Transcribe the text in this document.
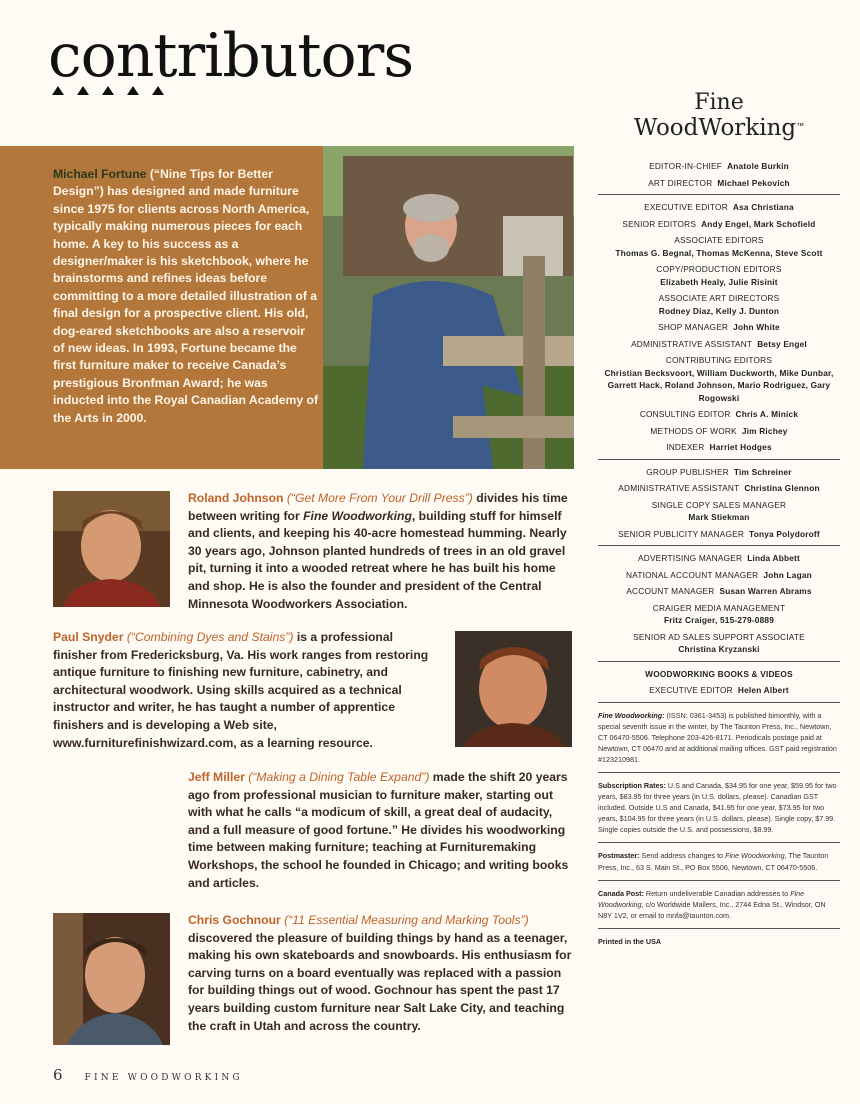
contributors
Michael Fortune (“Nine Tips for Better Design”) has designed and made furniture since 1975 for clients across North America, typically making numerous pieces for each home. A key to his success as a designer/maker is his sketchbook, where he brainstorms and refines ideas before committing to a more detailed illustration of a final design for a prospective client. His old, dog-eared sketchbooks are also a reservoir of new ideas. In 1993, Fortune became the first furniture maker to receive Canada’s prestigious Bronfman Award; he was inducted into the Royal Canadian Academy of the Arts in 2000.
Roland Johnson (“Get More From Your Drill Press”) divides his time between writing for Fine Woodworking, building stuff for himself and clients, and keeping his 40-acre homestead humming. Nearly 30 years ago, Johnson planted hundreds of trees in an old gravel pit, turning it into a wooded retreat where he has built his home and shop. He is also the founder and president of the Central Minnesota Woodworkers Association.
Paul Snyder (“Combining Dyes and Stains”) is a professional finisher from Fredericksburg, Va. His work ranges from restoring antique furniture to finishing new furniture, cabinetry, and architectural woodwork. Using skills acquired as a technical instructor and writer, he has taught a number of apprentice finishers and is developing a Web site, www.furniturefinishwizard.com, as a learning resource.
Jeff Miller (“Making a Dining Table Expand”) made the shift 20 years ago from professional musician to furniture maker, starting out with what he calls “a modicum of skill, a great deal of audacity, and a full measure of good fortune.” He divides his woodworking time between making furniture; teaching at Furnituremaking Workshops, the school he founded in Chicago; and writing books and articles.
Chris Gochnour (“11 Essential Measuring and Marking Tools”) discovered the pleasure of building things by hand as a teenager, making his own skateboards and snowboards. His enthusiasm for carving turns on a board eventually was replaced with a passion for building things out of wood. Gochnour has spent the past 17 years building custom furniture near Salt Lake City, and teaching the craft in Utah and across the country.
Fine
WoodWorking™
EDITOR-IN-CHIEF Anatole Burkin
ART DIRECTOR Michael Pekovich
EXECUTIVE EDITOR Asa Christiana
SENIOR EDITORS Andy Engel, Mark Schofield
ASSOCIATE EDITORS
Thomas G. Begnal, Thomas McKenna, Steve Scott
COPY/PRODUCTION EDITORS
Elizabeth Healy, Julie Risinit
ASSOCIATE ART DIRECTORS
Rodney Diaz, Kelly J. Dunton
SHOP MANAGER John White
ADMINISTRATIVE ASSISTANT Betsy Engel
CONTRIBUTING EDITORS
Christian Becksvoort, William Duckworth, Mike Dunbar, Garrett Hack, Roland Johnson, Mario Rodriguez, Gary Rogowski
CONSULTING EDITOR Chris A. Minick
METHODS OF WORK Jim Richey
INDEXER Harriet Hodges
GROUP PUBLISHER Tim Schreiner
ADMINISTRATIVE ASSISTANT Christina Glennon
SINGLE COPY SALES MANAGER
Mark Stiekman
SENIOR PUBLICITY MANAGER Tonya Polydoroff
ADVERTISING MANAGER Linda Abbett
NATIONAL ACCOUNT MANAGER John Lagan
ACCOUNT MANAGER Susan Warren Abrams
CRAIGER MEDIA MANAGEMENT
Fritz Craiger, 515-279-0889
SENIOR AD SALES SUPPORT ASSOCIATE
Christina Kryzanski
WOODWORKING BOOKS & VIDEOS
EXECUTIVE EDITOR Helen Albert
Fine Woodworking: (ISSN: 0361-3453) is published bimonthly, with a special seventh issue in the winter, by The Taunton Press, Inc., Newtown, CT 06470-5506. Telephone 203-426-8171. Periodicals postage paid at Newtown, CT 06470 and at additional mailing offices. GST paid registration #123210981.
Subscription Rates: U.S and Canada, $34.95 for one year, $59.95 for two years, $83.95 for three years (in U.S. dollars, please). Canadian GST included. Outside U.S and Canada, $41.95 for one year, $73.95 for two years, $104.95 for three years (in U.S. dollars, please). Single copy, $7.99. Single copies outside the U.S. and possessions, $8.99.
Postmaster: Send address changes to Fine Woodworking, The Taunton Press, Inc., 63 S. Main St., PO Box 5506, Newtown, CT 06470-5506.
Canada Post: Return undeliverable Canadian addresses to Fine Woodworking, c/o Worldwide Mailers, Inc., 2744 Edna St., Windsor, ON N8Y 1V2, or email to mnfa@taunton.com.
Printed in the USA
6 FINE WOODWORKING
